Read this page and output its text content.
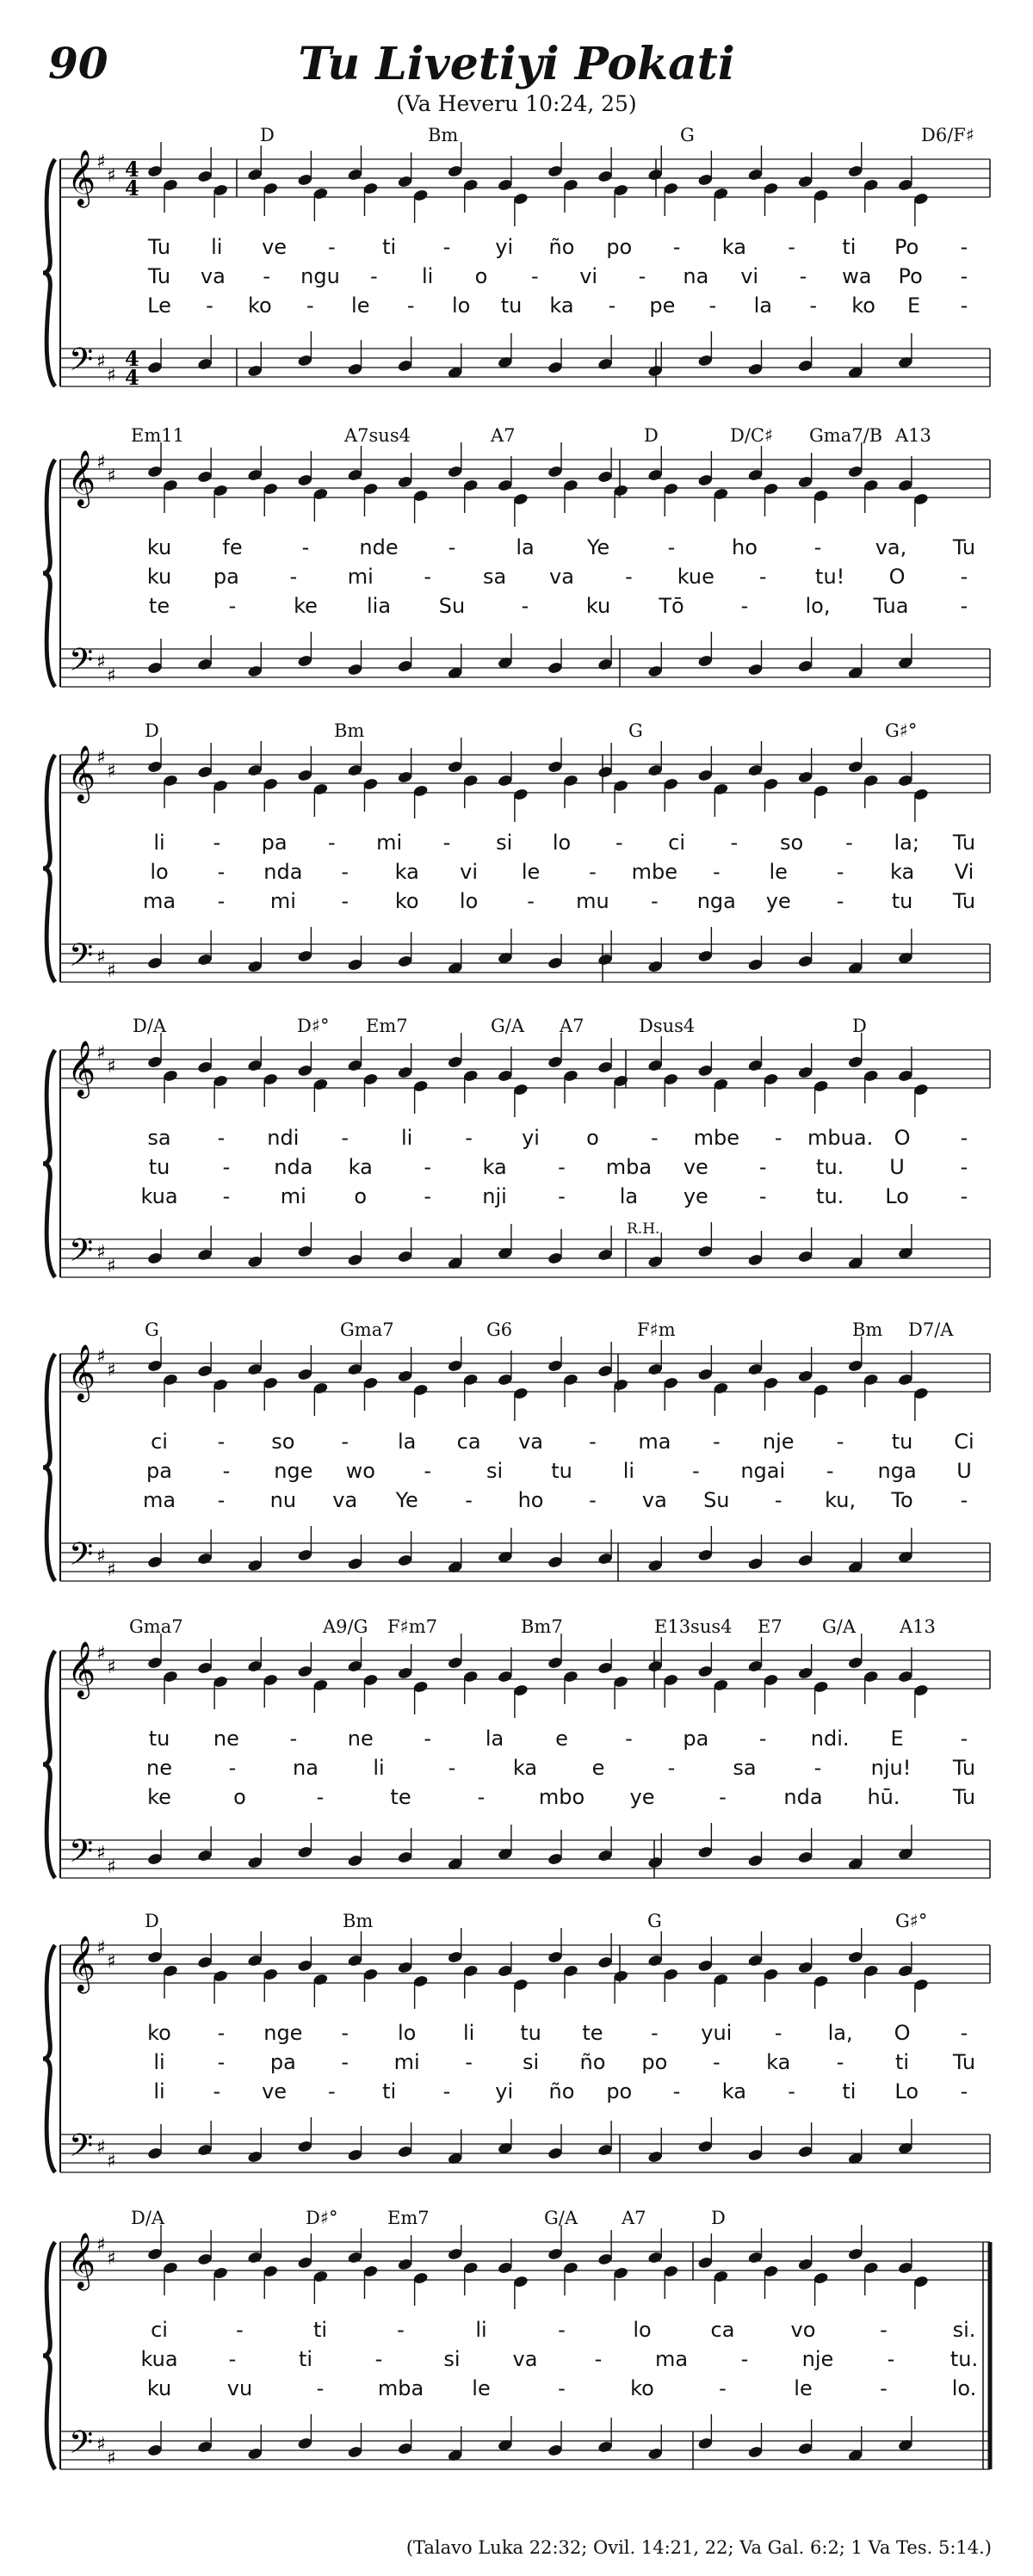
90	Tu Livetiyi Pokati
(Va Heveru 10:24, 25)
𝄞
𝄢
♯
♯
♯
♯
4
4
4
4
D	Bm	G	D6/F♯
Tu li ve - ti - yi ño po - ka - ti Po -
Tu va - ngu - li o - vi - na vi - wa Po -
Le - ko - le - lo tu ka - pe - la - ko E -
𝄞
𝄢
♯
♯
♯
♯
Em11	A7sus4	A7	D	D/C♯ Gma7/B A13
ku fe	- nde -	la	Ye	-	ho	-	va, Tu
ku pa - mi - sa va - kue - tu! O	-
te	-	ke lia Su	-	ku Tō	-	lo, Tua	-
𝄞
𝄢
♯
♯
♯
♯
D	Bm	G	G♯°
li - pa - mi - si lo - ci - so - la; Tu
lo - nda - ka vi le - mbe - le - ka Vi
ma - mi - ko lo - mu - nga ye - tu Tu
𝄞
𝄢
♯
♯
♯
♯
D/A	D♯° Em7	G/A A7	Dsus4	D
R.H.
sa - ndi -	li	- yi o	- mbe - mbua. O -
tu	- nda ka - ka - mba ve - tu. U	-
kua - mi o	- nji -	la ye - tu. Lo -
𝄞
𝄢
♯
♯
♯
♯
G	Gma7	G6	F♯m	Bm D7/A
ci - so - la ca va - ma - nje - tu Ci
pa - nge wo -	si tu li	- ngai - nga U
ma - nu va Ye - ho - va Su - ku, To -
𝄞
𝄢
♯
♯
♯
♯
Gma7	A9/G F♯m7	Bm7	E13sus4 E7 G/A A13
tu ne - ne -	la e	- pa - ndi. E	-
ne	-	na	li	-	ka	e	-	sa	- nju! Tu
ke	o	-	te	-	mbo ye	-	nda hū.	Tu
𝄞
𝄢
♯
♯
♯
♯
D	Bm	G	G♯°
ko - nge - lo li tu te - yui - la, O -
li	- pa - mi - si ño po - ka - ti Tu
li - ve - ti - yi ño po - ka - ti Lo -
𝄞
𝄢
♯
♯
♯
♯
D/A	D♯°	Em7	G/A A7	D
ci	-	ti	-	li	-	lo	ca	vo	-	si.
kua -	ti	-	si	va	-	ma	-	nje	-	tu.
ku	vu	-	mba le	-	ko	-	le	-	lo.
(Talavo Luka 22:32; Ovil. 14:21, 22; Va Gal. 6:2; 1 Va Tes. 5:14.)
